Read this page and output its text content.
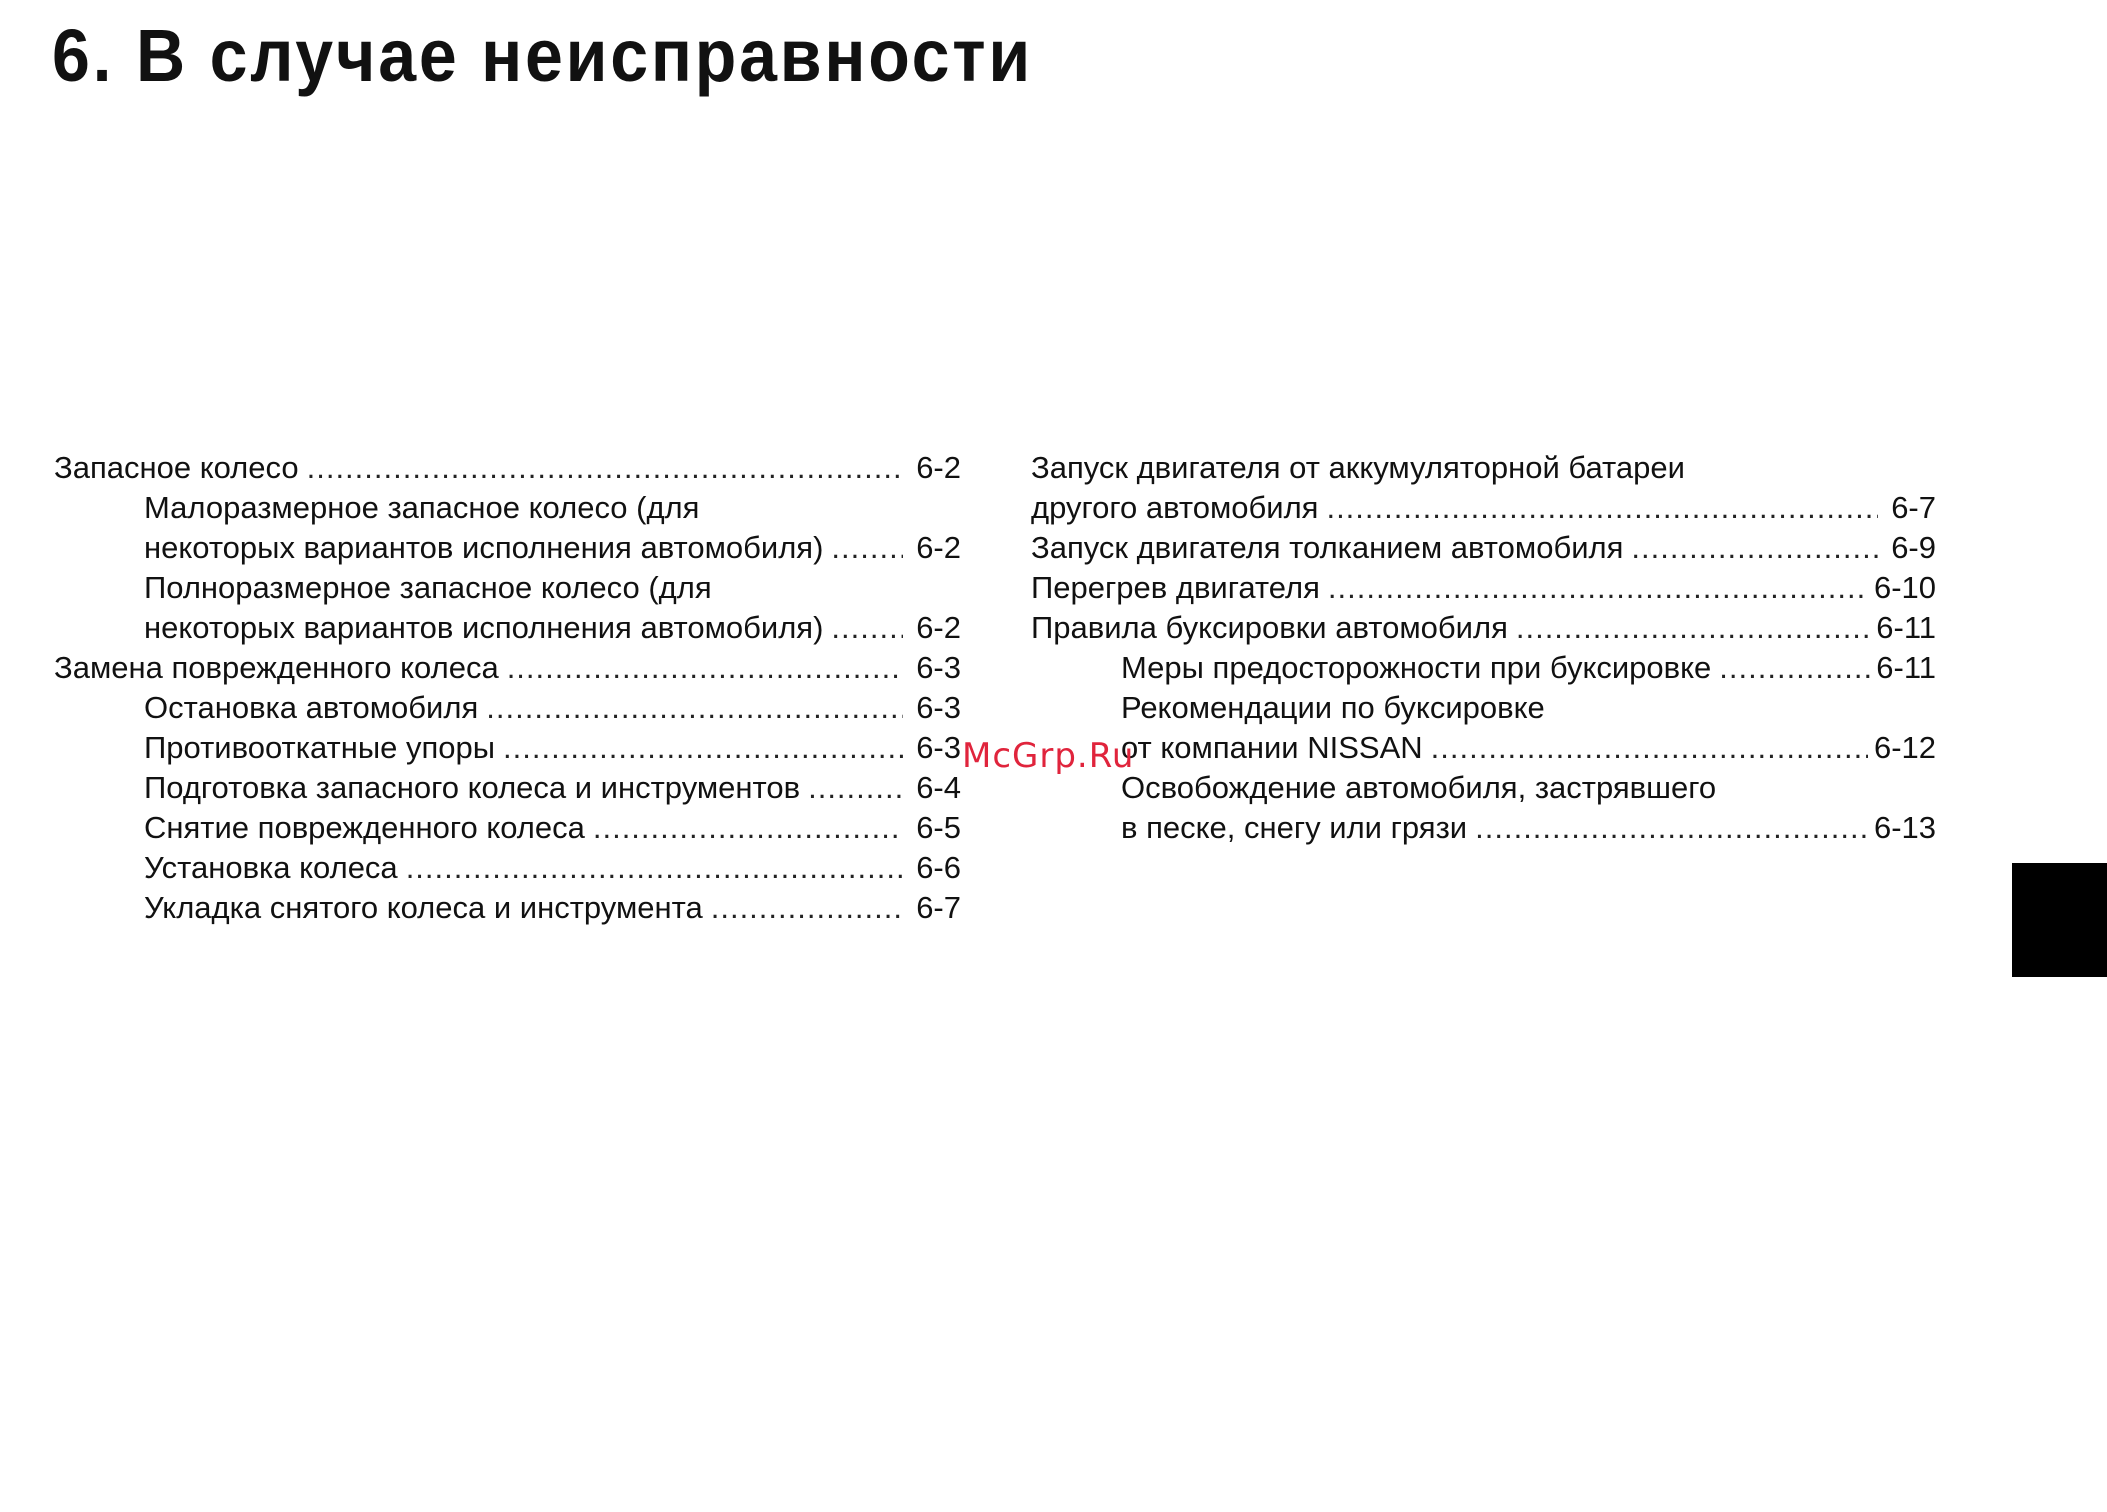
6. В случае неисправности
Запасное колесо .....	6-2
Малоразмерное запасное колесо (для
некоторых вариантов исполнения автомобиля) .....	6-2
Полноразмерное запасное колесо (для
некоторых вариантов исполнения автомобиля) .....	6-2
Замена поврежденного колеса .....	6-3
Остановка автомобиля .....	6-3
Противооткатные упоры .....	6-3
Подготовка запасного колеса и инструментов .....	6-4
Снятие поврежденного колеса .....	6-5
Установка колеса .....	6-6
Укладка снятого колеса и инструмента .....	6-7
Запуск двигателя от аккумуляторной батареи
другого автомобиля .....	6-7
Запуск двигателя толканием автомобиля .....	6-9
Перегрев двигателя .....	6-10
Правила буксировки автомобиля .....	6-11
Меры предосторожности при буксировке .....	6-11
Рекомендации по буксировке
от компании NISSAN .....	6-12
Освобождение автомобиля, застрявшего
в песке, снегу или грязи .....	6-13
McGrp.Ru
